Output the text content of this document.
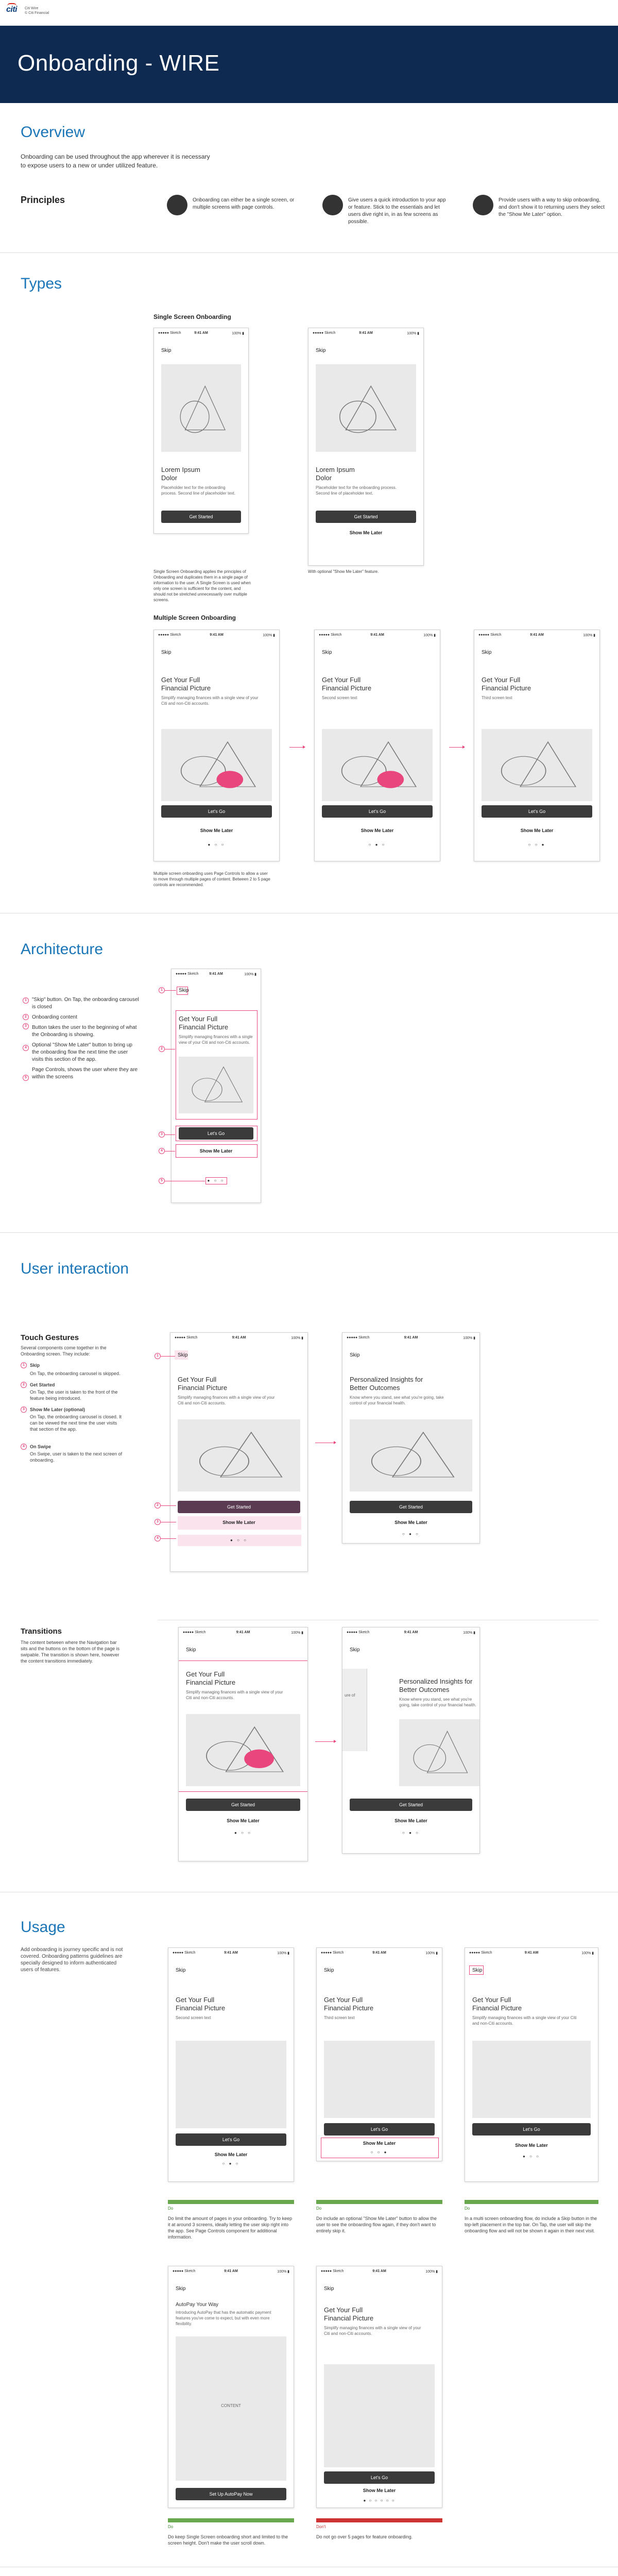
citi Citi Wire
© Citi Financial
Onboarding - WIRE
Overview
Onboarding can be used throughout the app wherever it is necessary to expose users to a new or under utilized feature.
Principles	Onboarding can either be a single screen, or multiple screens with page controls.
Give users a quick introduction to your app or feature. Stick to the essentials and let users dive right in, in as few screens as possible.
Provide users with a way to skip onboarding, and don't show it to returning users they select the "Show Me Later" option.
Types
Single Screen Onboarding
●●●●● Sketch	9:41 AM	100% ▮
Skip
Lorem Ipsum
Dolor
Placeholder text for the onboarding process. Second line of placeholder text.
Get Started
●●●●● Sketch	9:41 AM	100% ▮
Skip
Lorem Ipsum
Dolor
Placeholder text for the onboarding process. Second line of placeholder text.
Get Started
Show Me Later
Single Screen Onboarding applies the principles of Onboarding and duplicates them in a single page of information to the user. A Single Screen is used when only one screen is sufficient for the content, and should not be stretched unnecessarily over multiple screens.
With optional "Show Me Later" feature.
Multiple Screen Onboarding
●●●●● Sketch	9:41 AM	100% ▮
Skip
Get Your Full
Financial Picture
Simplify managing finances with a single view of your Citi and non-Citi accounts.
Let's Go
Show Me Later
● ○ ○
●●●●● Sketch	9:41 AM	100% ▮
Skip
Get Your Full
Financial Picture
Second screen text
Let's Go
Show Me Later
○ ● ○
●●●●● Sketch	9:41 AM	100% ▮
Skip
Get Your Full
Financial Picture
Third screen text
Let's Go
Show Me Later
○ ○ ●
Multiple screen onboarding uses Page Controls to allow a user to move through multiple pages of content. Between 2 to 5 page controls are recommended.
Architecture
"Skip" button. On Tap, the onboarding carousel is closed
Onboarding content
Button takes the user to the beginning of what the Onboarding is showing.
Optional "Show Me Later" button to bring up the onboarding flow the next time the user visits this section of the app.
Page Controls, shows the user where they are within the screens
1
2
3
4
5
●●●●● Sketch	9:41 AM	100% ▮
Skip
Get Your Full
Financial Picture
Simplify managing finances with a single view of your Citi and non-Citi accounts.
Let's Go
Show Me Later
● ○ ○
1
2
3
4
5
User interaction
Touch Gestures
Several components come together in the Onboarding screen. They include:
1	Skip
On Tap, the onboarding carousel is skipped.
2	Get Started
On Tap, the user is taken to the front of the feature being introduced.
3	Show Me Later (optional)
On Tap, the onboarding carousel is closed. It can be viewed the next time the user visits that section of the app.
4	On Swipe
On Swipe, user is taken to the next screen of onboarding.
●●●●● Sketch	9:41 AM	100% ▮
Skip
Get Your Full
Financial Picture
Simplify managing finances with a single view of your Citi and non-Citi accounts.
Get Started
Show Me Later
● ○ ○
1
2
3
4
●●●●● Sketch	9:41 AM	100% ▮
Skip
Personalized Insights for
Better Outcomes
Know where you stand, see what you're going, take control of your financial health.
Get Started
Show Me Later
○ ● ○
Transitions
The content between where the Navigation bar sits and the buttons on the bottom of the page is swipable. The transition is shown here, however the content transitions immediately.
●●●●● Sketch	9:41 AM	100% ▮
Skip
Get Your Full
Financial Picture
Simplify managing finances with a single view of your Citi and non-Citi accounts.
Get Started
Show Me Later
● ○ ○
●●●●● Sketch	9:41 AM	100% ▮
Skip
ure of
Personalized Insights for
Better Outcomes
Know where you stand, see what you're going, take control of your financial health.
Get Started
Show Me Later
○ ● ○
Usage
Add onboarding is journey specific and is not covered. Onboarding patterns guidelines are specially designed to inform authenticated users of features.
●●●●● Sketch	9:41 AM	100% ▮
Skip
Get Your Full
Financial Picture
Second screen text
Let's Go
Show Me Later
○ ● ○
●●●●● Sketch	9:41 AM	100% ▮
Skip
Get Your Full
Financial Picture
Third screen text
Let's Go
Show Me Later
○ ○ ●
●●●●● Sketch	9:41 AM	100% ▮
Skip
Get Your Full
Financial Picture
Simplify managing finances with a single view of your Citi and non-Citi accounts.
Let's Go
Show Me Later
● ○ ○
Do
Do limit the amount of pages in your onboarding. Try to keep it at around 3 screens, ideally letting the user skip right into the app. See Page Controls component for additional information.
Do
Do include an optional "Show Me Later" button to allow the user to see the onboarding flow again, if they don't want to entirely skip it.
Do
In a multi screen onboarding flow, do include a Skip button in the top-left placement in the top bar. On Tap, the user will skip the onboarding flow and will not be shown it again in their next visit.
●●●●● Sketch	9:41 AM	100% ▮
Skip
AutoPay Your Way
Introducing AutoPay that has the automatic payment features you've come to expect, but with even more flexibility.
CONTENT
Set Up AutoPay Now
●●●●● Sketch	9:41 AM	100% ▮
Skip
Get Your Full
Financial Picture
Simplify managing finances with a single view of your Citi and non-Citi accounts.
Let's Go
Show Me Later
● ○ ○ ○ ○ ○
Do
Do keep Single Screen onboarding short and limited to the screen height. Don't make the user scroll down.
Don't
Do not go over 5 pages for feature onboarding.
